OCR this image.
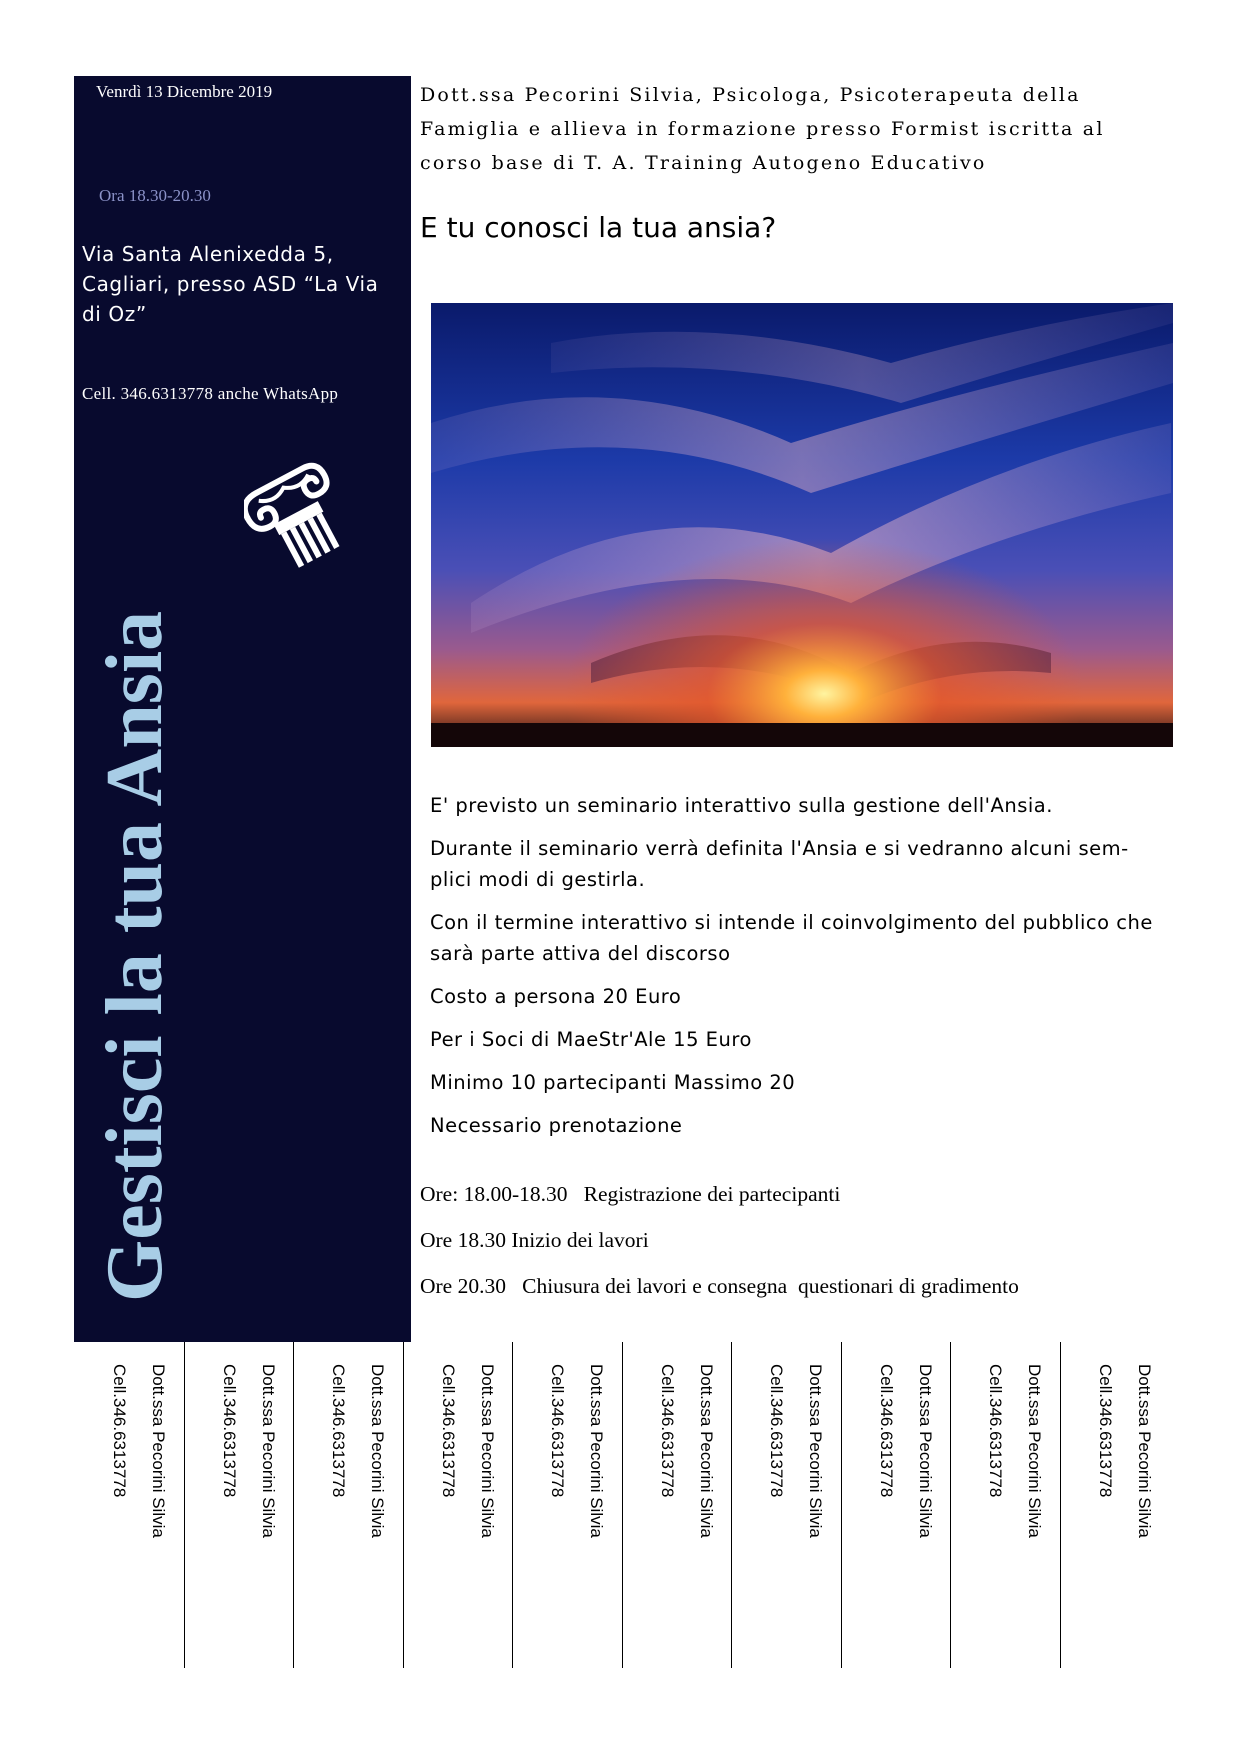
Venrdì 13 Dicembre 2019

Ora 18.30-20.30

Via Santa Alenixedda 5, Cagliari, presso ASD “La Via di Oz”

Cell. 346.6313778 anche WhatsApp

Gestisci la tua Ansia

Dott.ssa Pecorini Silvia, Psicologa, Psicoterapeuta della Famiglia e allieva in formazione presso Formist iscritta al corso base di T. A. Training Autogeno Educativo

E tu conosci la tua ansia?
E' previsto un seminario interattivo sulla gestione dell'Ansia.
Durante il seminario verrà definita l'Ansia e si vedranno alcuni sem-plici modi di gestirla.
Con il termine interattivo si intende il coinvolgimento del pubblico che sarà parte attiva del discorso
Costo a persona 20 Euro
Per i Soci di MaeStr'Ale 15 Euro
Minimo 10 partecipanti Massimo 20
Necessario prenotazione
Ore: 18.00-18.30   Registrazione dei partecipanti
Ore 18.30 Inizio dei lavori
Ore 20.30   Chiusura dei lavori e consegna  questionari di gradimento

Dott.ssa Pecorini Silvia

Cell.346.6313778	Dott.ssa Pecorini Silvia

Cell.346.6313778	Dott.ssa Pecorini Silvia

Cell.346.6313778	Dott.ssa Pecorini Silvia

Cell.346.6313778	Dott.ssa Pecorini Silvia

Cell.346.6313778	Dott.ssa Pecorini Silvia

Cell.346.6313778	Dott.ssa Pecorini Silvia

Cell.346.6313778	Dott.ssa Pecorini Silvia

Cell.346.6313778	Dott.ssa Pecorini Silvia

Cell.346.6313778	Dott.ssa Pecorini Silvia

Cell.346.6313778
